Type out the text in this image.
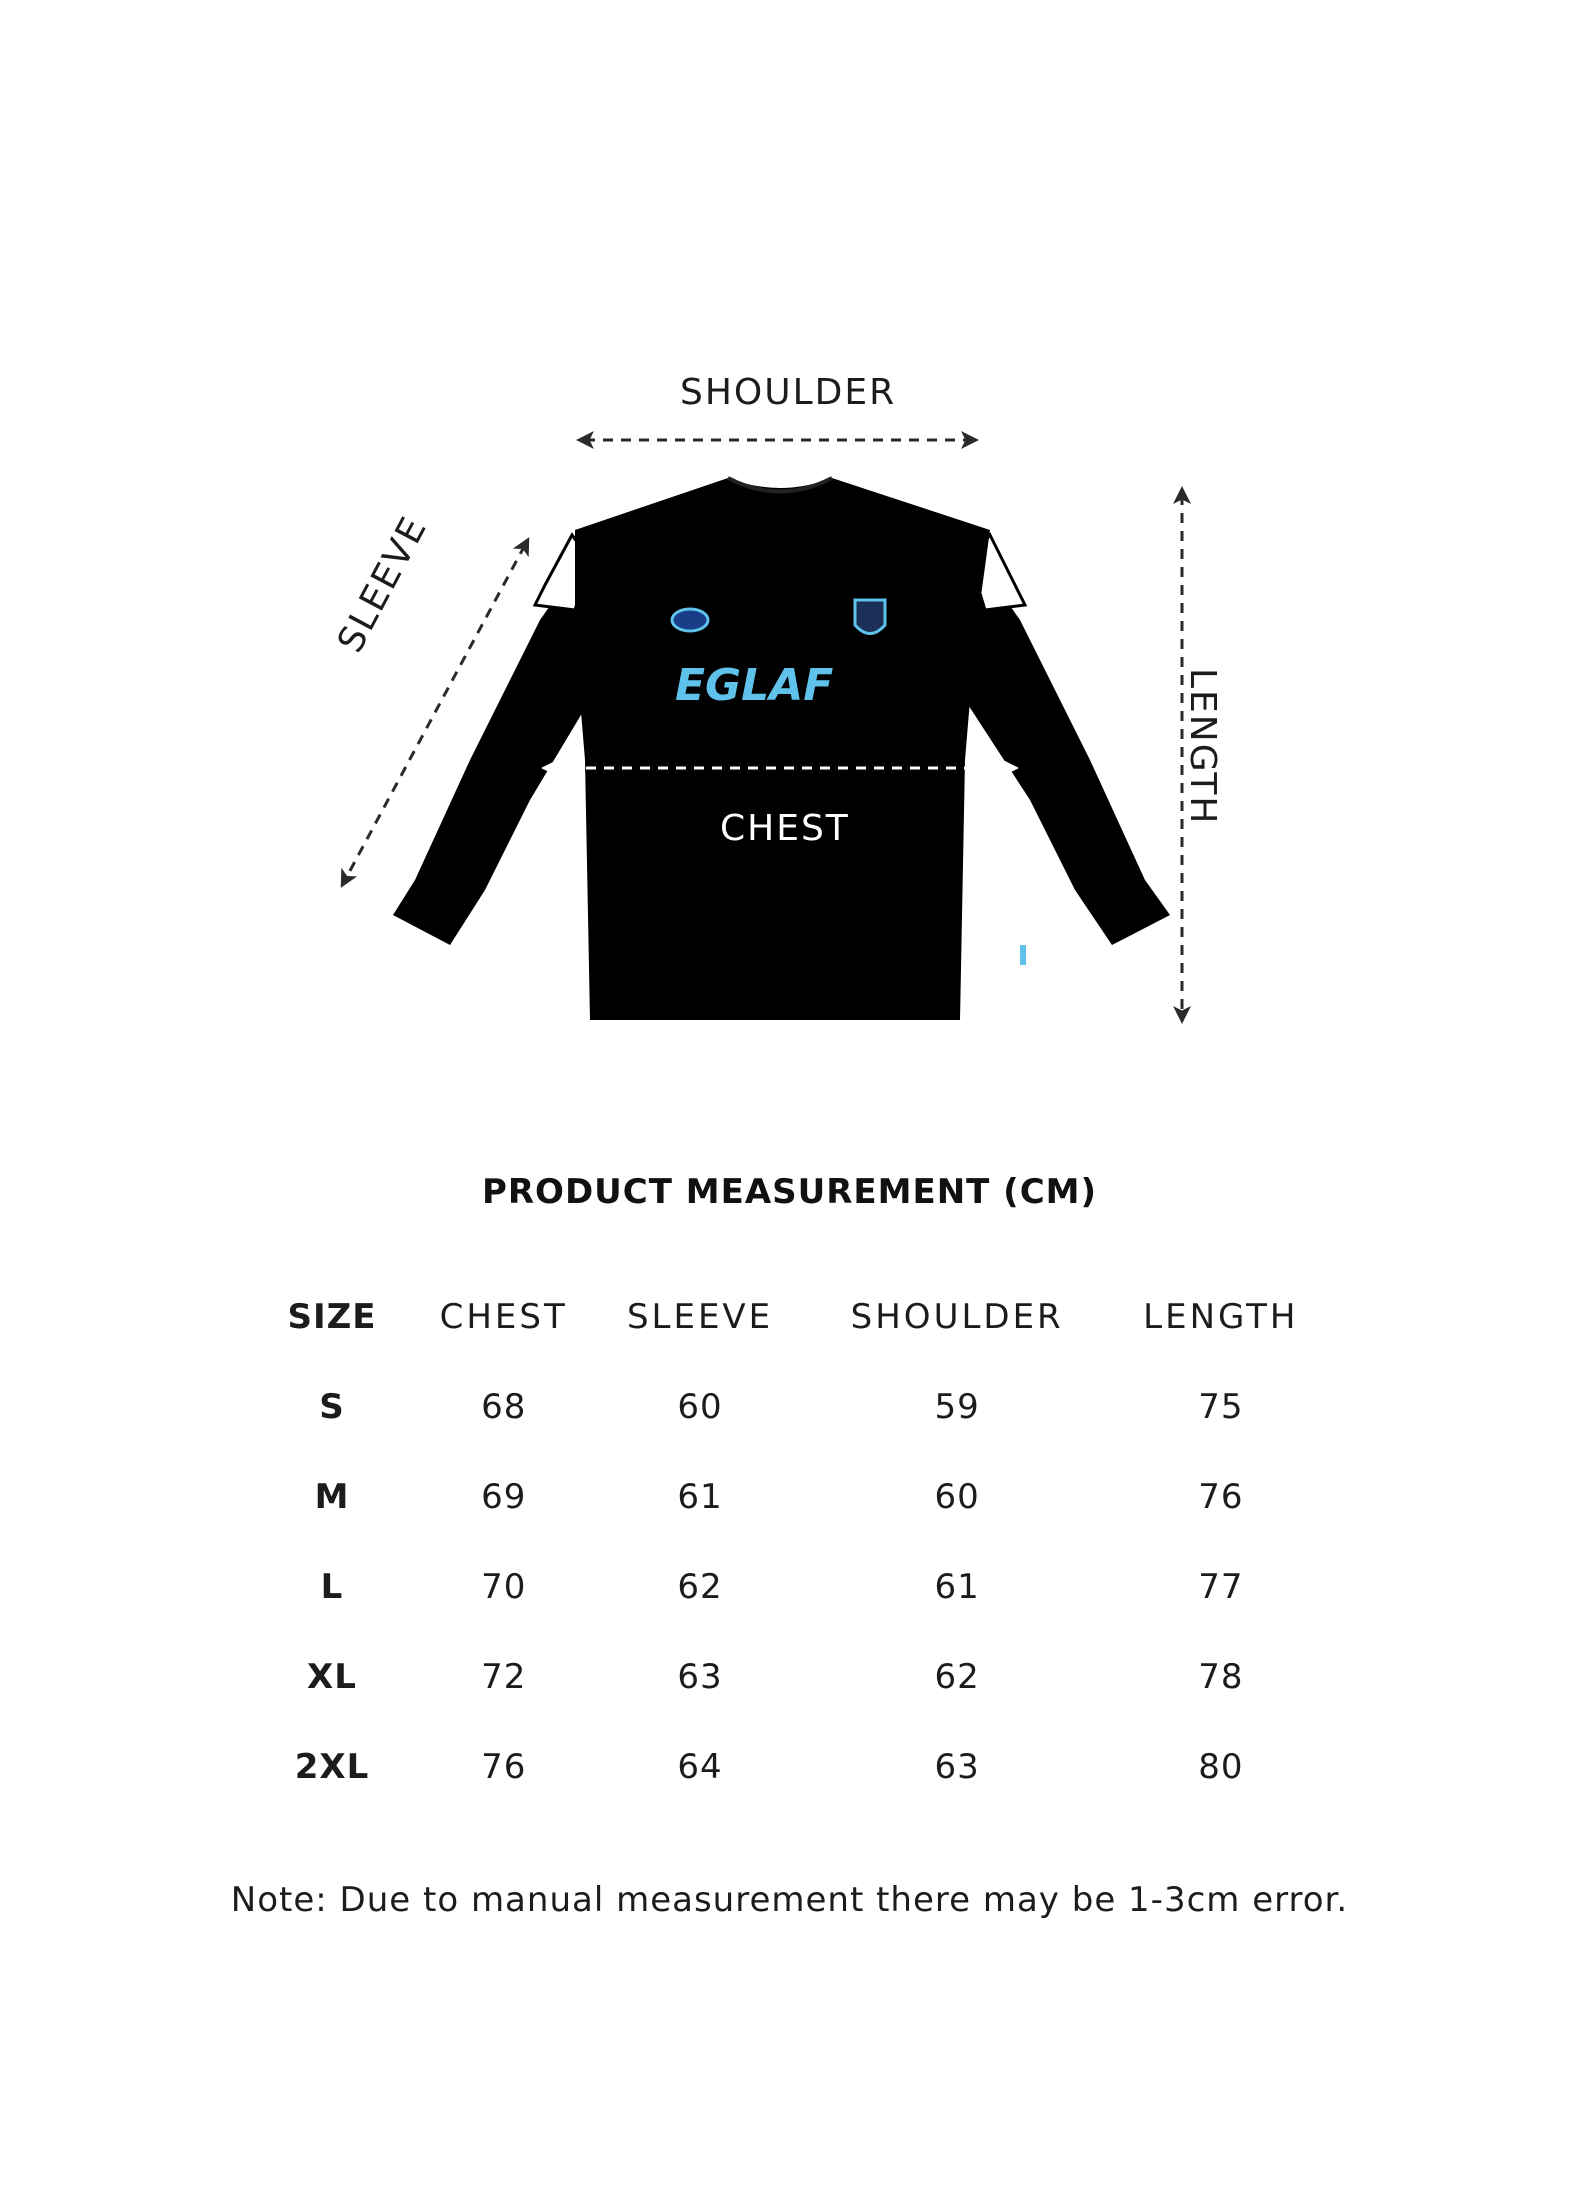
EGLAF
SHOULDER
CHEST
SLEEVE
LENGTH
PRODUCT MEASUREMENT (CM)
SIZE	CHEST	SLEEVE	SHOULDER	LENGTH
S	68	60	59	75
M	69	61	60	76
L	70	62	61	77
XL	72	63	62	78
2XL	76	64	63	80
Note: Due to manual measurement there may be 1-3cm error.
